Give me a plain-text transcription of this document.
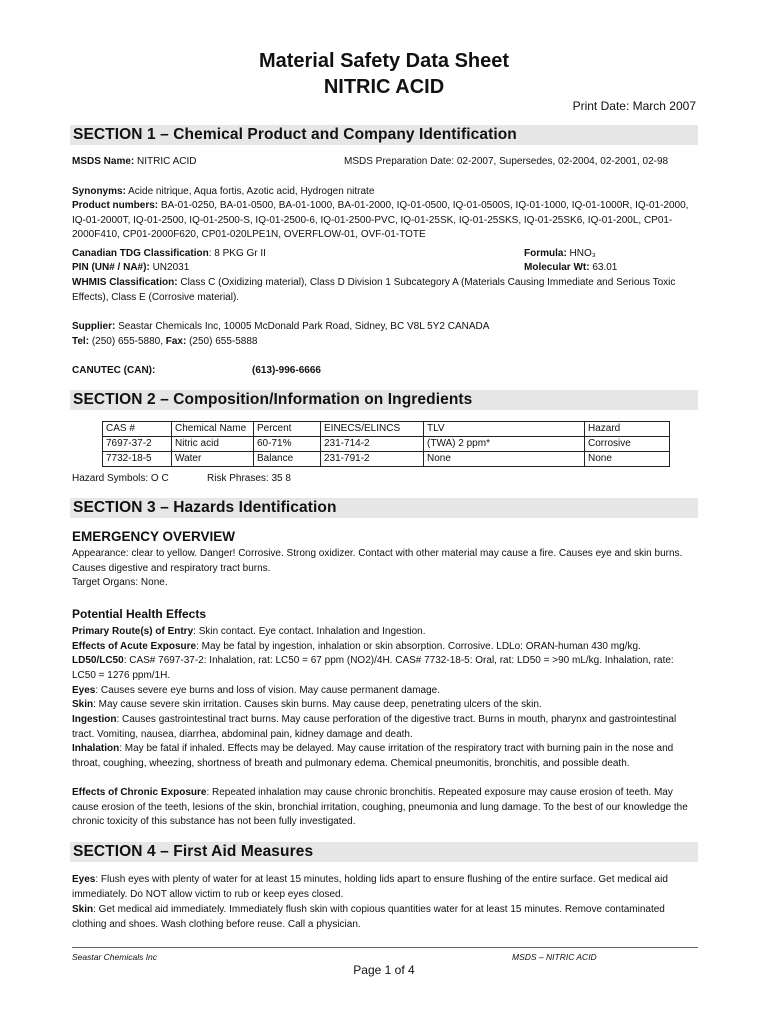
Material Safety Data Sheet
NITRIC ACID
Print Date: March 2007
SECTION 1 – Chemical Product and Company Identification
MSDS Name: NITRIC ACID	MSDS Preparation Date: 02-2007, Supersedes, 02-2004, 02-2001, 02-98
Synonyms: Acide nitrique, Aqua fortis, Azotic acid, Hydrogen nitrate
Product numbers: BA-01-0250, BA-01-0500, BA-01-1000, BA-01-2000, IQ-01-0500, IQ-01-0500S, IQ-01-1000, IQ-01-1000R, IQ-01-2000, IQ-01-2000T, IQ-01-2500, IQ-01-2500-S, IQ-01-2500-6, IQ-01-2500-PVC, IQ-01-25SK, IQ-01-25SKS, IQ-01-25SK6, IQ-01-200L, CP01-2000F410, CP01-2000F620, CP01-020LPE1N, OVERFLOW-01, OVF-01-TOTE
Canadian TDG Classification: 8 PKG Gr II	Formula: HNO₃
PIN (UN# / NA#): UN2031	Molecular Wt: 63.01
WHMIS Classification: Class C (Oxidizing material), Class D Division 1 Subcategory A (Materials Causing Immediate and Serious Toxic Effects), Class E (Corrosive material).
Supplier: Seastar Chemicals Inc, 10005 McDonald Park Road, Sidney, BC V8L 5Y2 CANADA
Tel: (250) 655-5880, Fax: (250) 655-5888
CANUTEC (CAN):	(613)-996-6666
SECTION 2 – Composition/Information on Ingredients
CAS #	Chemical Name	Percent	EINECS/ELINCS	TLV	Hazard
7697-37-2	Nitric acid	60-71%	231-714-2	(TWA) 2 ppm*	Corrosive
7732-18-5	Water	Balance	231-791-2	None	None
Hazard Symbols: O C	Risk Phrases: 35 8
SECTION 3 – Hazards Identification
EMERGENCY OVERVIEW
Appearance: clear to yellow. Danger! Corrosive. Strong oxidizer. Contact with other material may cause a fire. Causes eye and skin burns. Causes digestive and respiratory tract burns.
Target Organs: None.
Potential Health Effects
Primary Route(s) of Entry: Skin contact. Eye contact. Inhalation and Ingestion.
Effects of Acute Exposure: May be fatal by ingestion, inhalation or skin absorption. Corrosive. LDLo: ORAN-human 430 mg/kg.
LD50/LC50: CAS# 7697-37-2: Inhalation, rat: LC50 = 67 ppm (NO2)/4H. CAS# 7732-18-5: Oral, rat: LD50 = >90 mL/kg. Inhalation, rate: LC50 = 1276 ppm/1H.
Eyes: Causes severe eye burns and loss of vision. May cause permanent damage.
Skin: May cause severe skin irritation. Causes skin burns. May cause deep, penetrating ulcers of the skin.
Ingestion: Causes gastrointestinal tract burns. May cause perforation of the digestive tract. Burns in mouth, pharynx and gastrointestinal tract. Vomiting, nausea, diarrhea, abdominal pain, kidney damage and death.
Inhalation: May be fatal if inhaled. Effects may be delayed. May cause irritation of the respiratory tract with burning pain in the nose and throat, coughing, wheezing, shortness of breath and pulmonary edema. Chemical pneumonitis, bronchitis, and possible death.
Effects of Chronic Exposure: Repeated inhalation may cause chronic bronchitis. Repeated exposure may cause erosion of teeth. May cause erosion of the teeth, lesions of the skin, bronchial irritation, coughing, pneumonia and lung damage. To the best of our knowledge the chronic toxicity of this substance has not been fully investigated.
SECTION 4 – First Aid Measures
Eyes: Flush eyes with plenty of water for at least 15 minutes, holding lids apart to ensure flushing of the entire surface. Get medical aid immediately. Do NOT allow victim to rub or keep eyes closed.
Skin: Get medical aid immediately. Immediately flush skin with copious quantities water for at least 15 minutes. Remove contaminated clothing and shoes. Wash clothing before reuse. Call a physician.
Seastar Chemicals Inc	MSDS – NITRIC ACID
Page 1 of 4
